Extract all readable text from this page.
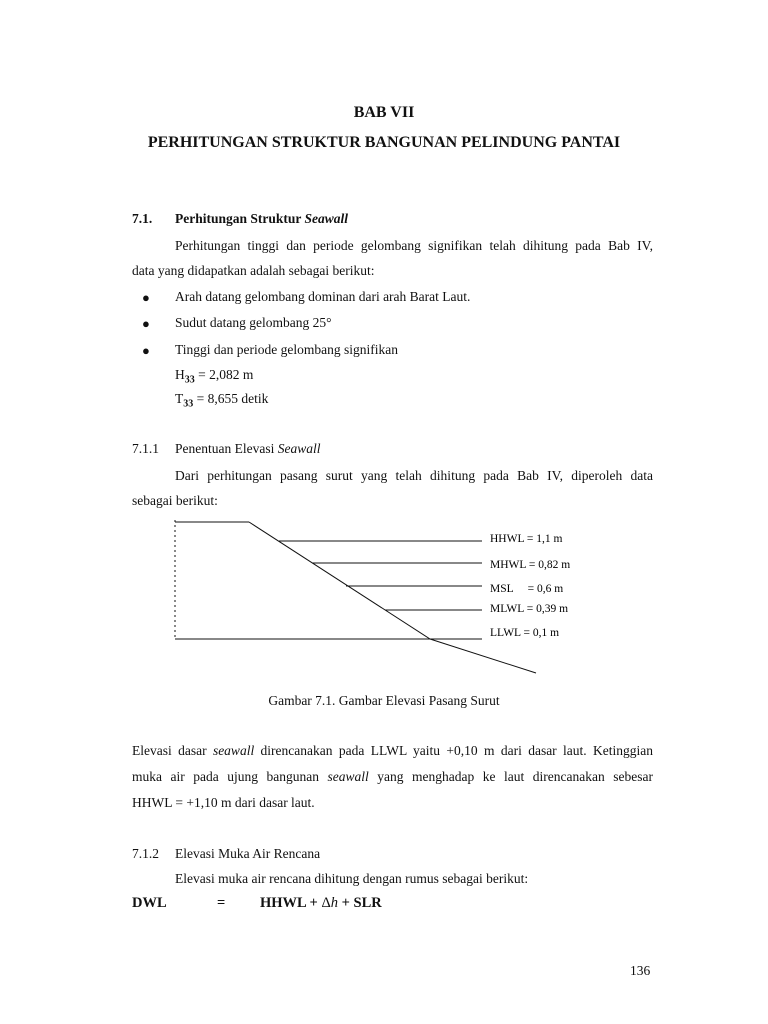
BAB VII
PERHITUNGAN STRUKTUR BANGUNAN PELINDUNG PANTAI
7.1. Perhitungan Struktur Seawall
Perhitungan tinggi dan periode gelombang signifikan telah dihitung pada Bab IV,
data yang didapatkan adalah sebagai berikut:
● Arah datang gelombang dominan dari arah Barat Laut.
● Sudut datang gelombang 25°
● Tinggi dan periode gelombang signifikan
$H_{33} = 2,082$ m
$T_{33} = 8,655$ detik
7.1.1 Penentuan Elevasi Seawall
Dari perhitungan pasang surut yang telah dihitung pada Bab IV, diperoleh data
sebagai berikut:
HHWL = 1,1 m
MHWL = 0,82 m
MSL     = 0,6 m
MLWL = 0,39 m
LLWL = 0,1 m
Gambar 7.1. Gambar Elevasi Pasang Surut
Elevasi dasar seawall direncanakan pada LLWL yaitu +0,10 m dari dasar laut. Ketinggian
muka air pada ujung bangunan seawall yang menghadap ke laut direncanakan sebesar
HHWL = +1,10 m dari dasar laut.
7.1.2 Elevasi Muka Air Rencana
Elevasi muka air rencana dihitung dengan rumus sebagai berikut:
DWL	= HHWL + Δh + SLR
136
